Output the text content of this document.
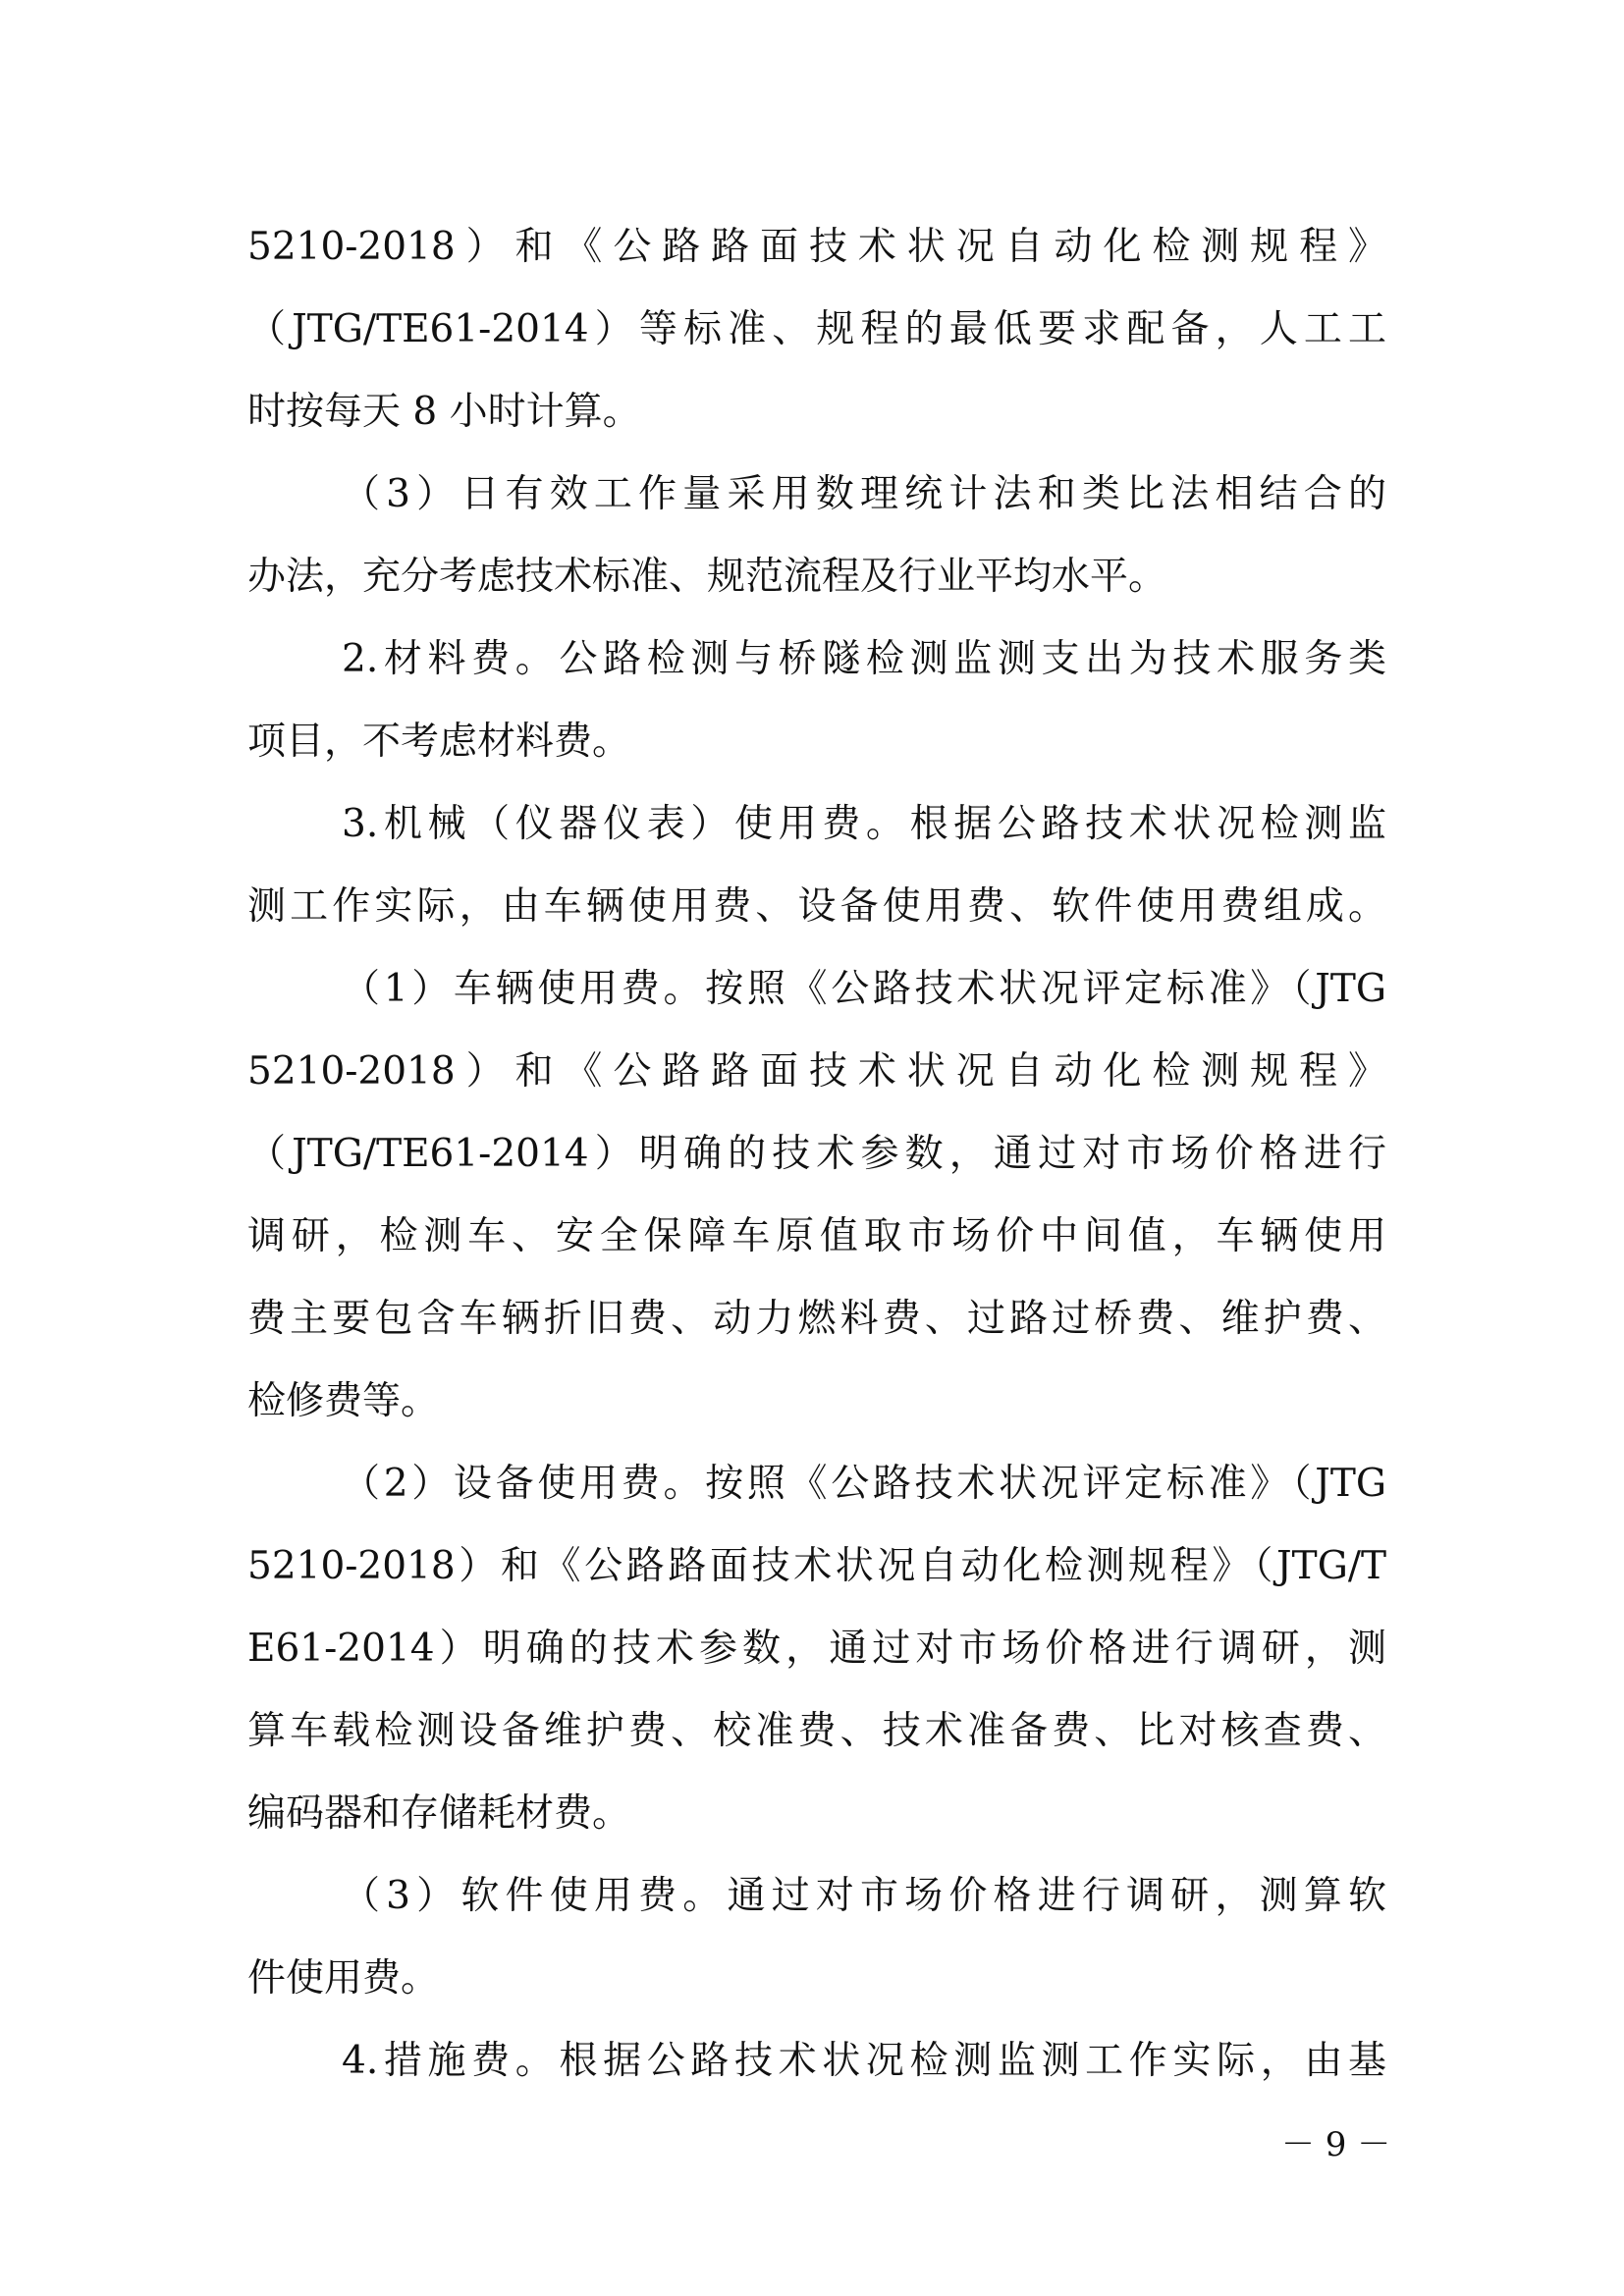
5210-2018）和《公路路面技术状况自动化检测规程》
（JTG/TE61-2014）等标准、规程的最低要求配备，人工工
时按每天 8 小时计算。
（3）日有效工作量采用数理统计法和类比法相结合的
办法，充分考虑技术标准、规范流程及行业平均水平。
2.材料费。公路检测与桥隧检测监测支出为技术服务类
项目，不考虑材料费。
3.机械（仪器仪表）使用费。根据公路技术状况检测监
测工作实际，由车辆使用费、设备使用费、软件使用费组成。
（1）车辆使用费。按照《公路技术状况评定标准》（JTG
5210-2018）和《公路路面技术状况自动化检测规程》
（JTG/TE61-2014）明确的技术参数，通过对市场价格进行
调研，检测车、安全保障车原值取市场价中间值，车辆使用
费主要包含车辆折旧费、动力燃料费、过路过桥费、维护费、
检修费等。
（2）设备使用费。按照《公路技术状况评定标准》（JTG
5210-2018）和《公路路面技术状况自动化检测规程》（JTG/T
E61-2014）明确的技术参数，通过对市场价格进行调研，测
算车载检测设备维护费、校准费、技术准备费、比对核查费、
编码器和存储耗材费。
（3）软件使用费。通过对市场价格进行调研，测算软
件使用费。
4.措施费。根据公路技术状况检测监测工作实际，由基
－ 9 －
